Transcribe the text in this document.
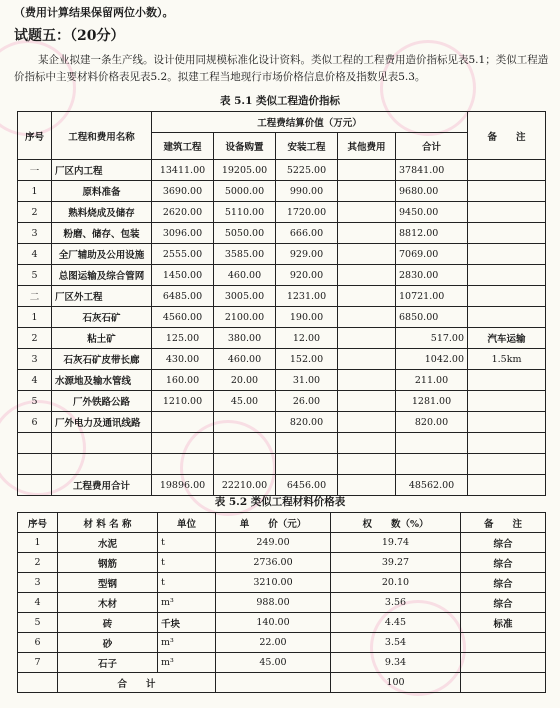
（费用计算结果保留两位小数）。
试题五：（20分）
某企业拟建一条生产线。设计使用同规模标准化设计资料。类似工程的工程费用造价指标见表5.1；类似工程造价指标中主要材料价格表见表5.2。拟建工程当地现行市场价格信息价格及指数见表5.3。
表 5.1 类似工程造价指标
序号	工程和费用名称	工程费结算价值（万元）					备　　注
		建筑工程	设备购置	安装工程	其他费用	合计	
一	厂区内工程	13411.00	19205.00	5225.00		37841.00	
1	原料准备	3690.00	5000.00	990.00		9680.00	
2	熟料烧成及储存	2620.00	5110.00	1720.00		9450.00	
3	粉磨、储存、包装	3096.00	5050.00	666.00		8812.00	
4	全厂辅助及公用设施	2555.00	3585.00	929.00		7069.00	
5	总图运输及综合管网	1450.00	460.00	920.00		2830.00	
二	厂区外工程	6485.00	3005.00	1231.00		10721.00	
1	石灰石矿	4560.00	2100.00	190.00		6850.00	
2	粘土矿	125.00	380.00	12.00		517.00	汽车运输
3	石灰石矿皮带长廊	430.00	460.00	152.00		1042.00	1.5km
4	水源地及输水管线	160.00	20.00	31.00		211.00	
5	厂外铁路公路	1210.00	45.00	26.00		1281.00	
6	厂外电力及通讯线路			820.00		820.00	

	工程费用合计	19896.00	22210.00	6456.00		48562.00	
表 5.2 类似工程材料价格表
序号	材 料 名 称	单位	单　　价（元）	权　　数（%）	备　　注
1	水泥	t	249.00	19.74	综合
2	钢筋	t	2736.00	39.27	综合
3	型钢	t	3210.00	20.10	综合
4	木材	m³	988.00	3.56	综合
5	砖	千块	140.00	4.45	标准
6	砂	m³	22.00	3.54	
7	石子	m³	45.00	9.34	
	合　　计			100	
